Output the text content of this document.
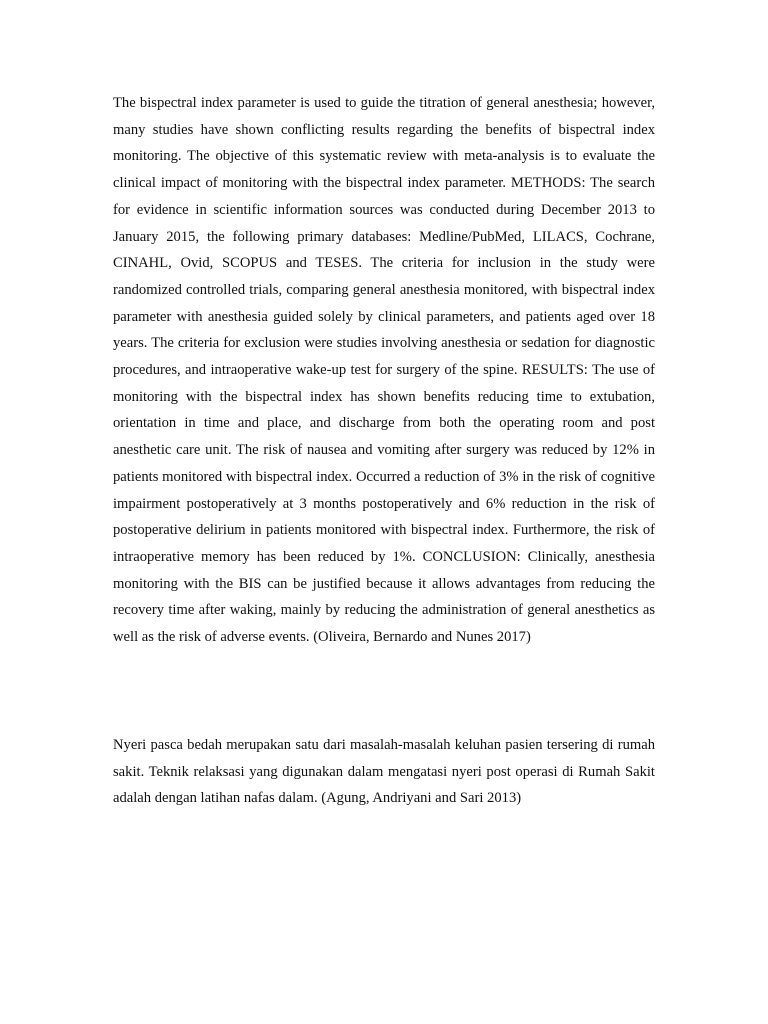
The bispectral index parameter is used to guide the titration of general anesthesia; however, many studies have shown conflicting results regarding the benefits of bispectral index monitoring. The objective of this systematic review with meta-analysis is to evaluate the clinical impact of monitoring with the bispectral index parameter. METHODS: The search for evidence in scientific information sources was conducted during December 2013 to January 2015, the following primary databases: Medline/PubMed, LILACS, Cochrane, CINAHL, Ovid, SCOPUS and TESES. The criteria for inclusion in the study were randomized controlled trials, comparing general anesthesia monitored, with bispectral index parameter with anesthesia guided solely by clinical parameters, and patients aged over 18 years. The criteria for exclusion were studies involving anesthesia or sedation for diagnostic procedures, and intraoperative wake-up test for surgery of the spine. RESULTS: The use of monitoring with the bispectral index has shown benefits reducing time to extubation, orientation in time and place, and discharge from both the operating room and post anesthetic care unit. The risk of nausea and vomiting after surgery was reduced by 12% in patients monitored with bispectral index. Occurred a reduction of 3% in the risk of cognitive impairment postoperatively at 3 months postoperatively and 6% reduction in the risk of postoperative delirium in patients monitored with bispectral index. Furthermore, the risk of intraoperative memory has been reduced by 1%. CONCLUSION: Clinically, anesthesia monitoring with the BIS can be justified because it allows advantages from reducing the recovery time after waking, mainly by reducing the administration of general anesthetics as well as the risk of adverse events. (Oliveira, Bernardo and Nunes 2017)

Nyeri pasca bedah merupakan satu dari masalah-masalah keluhan pasien tersering di rumah sakit. Teknik relaksasi yang digunakan dalam mengatasi nyeri post operasi di Rumah Sakit adalah dengan latihan nafas dalam. (Agung, Andriyani and Sari 2013)
